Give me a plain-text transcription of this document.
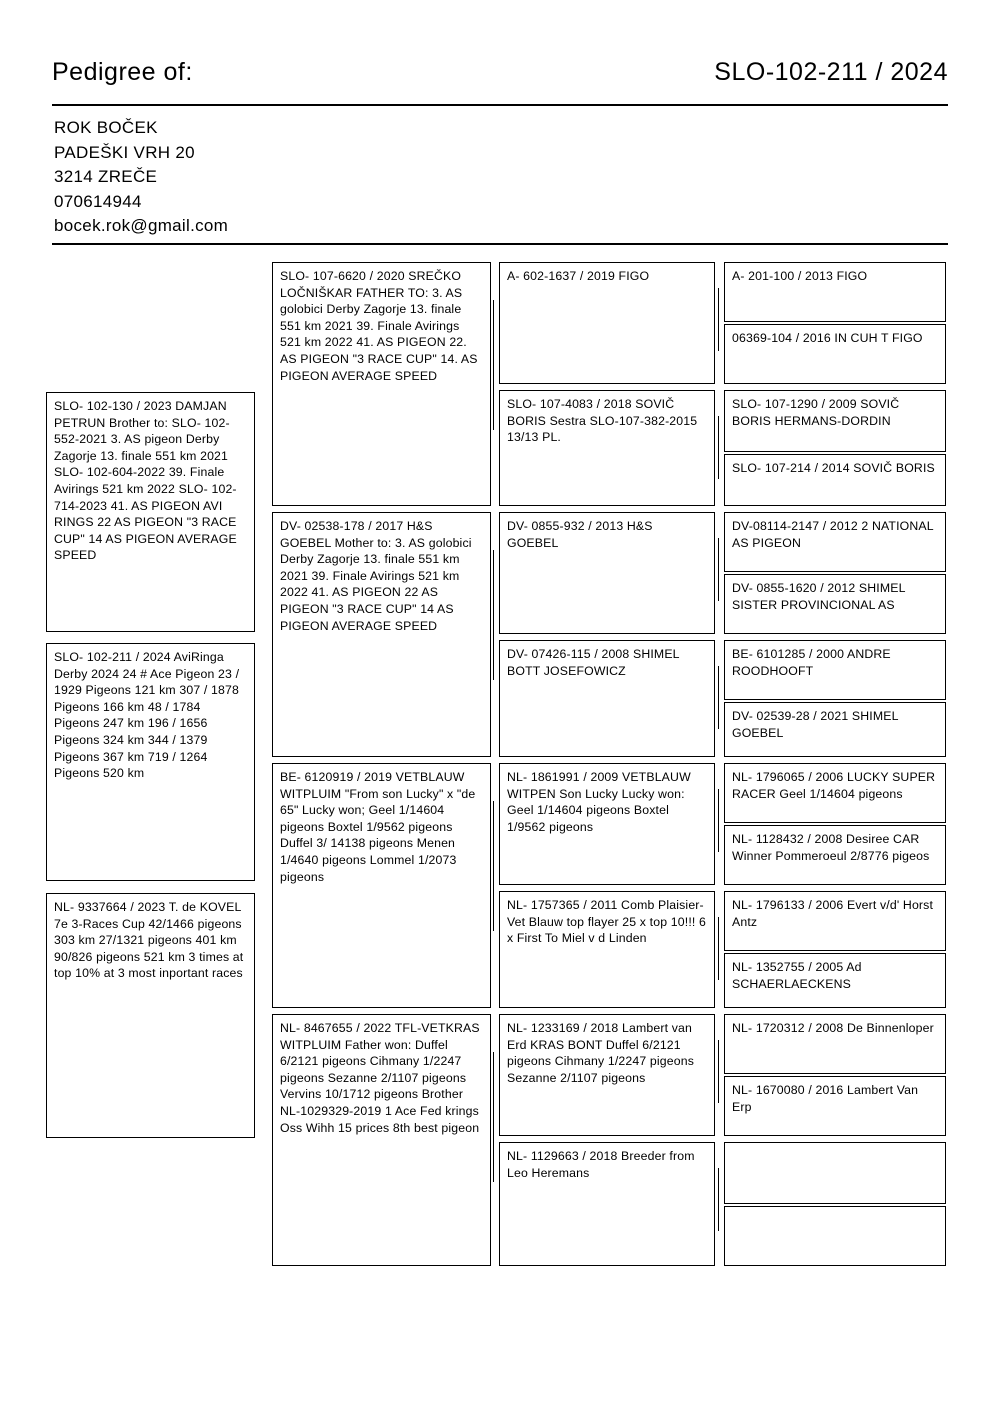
Pedigree of:	SLO-102-211 / 2024
ROK BOČEK
PADEŠKI VRH 20
3214 ZREČE
070614944
bocek.rok@gmail.com
SLO- 102-130 / 2023 DAMJAN PETRUN Brother to: SLO- 102-552-2021 3. AS pigeon Derby Zagorje 13. finale 551 km 2021 SLO- 102-604-2022 39. Finale Avirings 521 km 2022 SLO- 102-714-2023 41. AS PIGEON AVI RINGS 22 AS PIGEON "3 RACE CUP" 14 AS PIGEON AVERAGE SPEED
SLO- 102-211 / 2024 AviRinga Derby 2024 24 # Ace Pigeon 23 / 1929 Pigeons 121 km 307 / 1878 Pigeons 166 km 48 / 1784 Pigeons 247 km 196 / 1656 Pigeons 324 km 344 / 1379 Pigeons 367 km 719 / 1264 Pigeons 520 km
NL- 9337664 / 2023 T. de KOVEL 7e 3-Races Cup 42/1466 pigeons 303 km 27/1321 pigeons 401 km 90/826 pigeons 521 km 3 times at top 10% at 3 most inportant races
SLO- 107-6620 / 2020 SREČKO LOČNIŠKAR FATHER TO: 3. AS golobici Derby Zagorje 13. finale 551 km 2021 39. Finale Avirings 521 km 2022 41. AS PIGEON 22. AS PIGEON "3 RACE CUP" 14. AS PIGEON AVERAGE SPEED
DV- 02538-178 / 2017 H&S GOEBEL Mother to: 3. AS golobici Derby Zagorje 13. finale 551 km 2021 39. Finale Avirings 521 km 2022 41. AS PIGEON 22 AS PIGEON "3 RACE CUP" 14 AS PIGEON AVERAGE SPEED
BE- 6120919 / 2019 VETBLAUW WITPLUIM "From son Lucky" x "de 65" Lucky won; Geel 1/14604 pigeons Boxtel 1/9562 pigeons Duffel 3/ 14138 pigeons Menen 1/4640 pigeons Lommel 1/2073 pigeons
NL- 8467655 / 2022 TFL-VETKRAS WITPLUIM Father won: Duffel 6/2121 pigeons Cihmany 1/2247 pigeons Sezanne 2/1107 pigeons Vervins 10/1712 pigeons Brother NL-1029329-2019 1 Ace Fed krings Oss Wihh 15 prices 8th best pigeon
A- 602-1637 / 2019 FIGO
SLO- 107-4083 / 2018 SOVIČ BORIS Sestra SLO-107-382-2015 13/13 PL.
DV- 0855-932 / 2013 H&S GOEBEL
DV- 07426-115 / 2008 SHIMEL BOTT JOSEFOWICZ
NL- 1861991 / 2009 VETBLAUW WITPEN Son Lucky Lucky won: Geel 1/14604 pigeons Boxtel 1/9562 pigeons
NL- 1757365 / 2011 Comb Plaisier-Vet Blauw top flayer 25 x top 10!!! 6 x First To Miel v d Linden
NL- 1233169 / 2018 Lambert van Erd KRAS BONT Duffel 6/2121 pigeons Cihmany 1/2247 pigeons Sezanne 2/1107 pigeons
NL- 1129663 / 2018 Breeder from Leo Heremans
A- 201-100 / 2013 FIGO
06369-104 / 2016 IN CUH T FIGO
SLO- 107-1290 / 2009 SOVIČ BORIS HERMANS-DORDIN
SLO- 107-214 / 2014 SOVIČ BORIS
DV-08114-2147 / 2012 2 NATIONAL AS PIGEON
DV- 0855-1620 / 2012 SHIMEL SISTER PROVINCIONAL AS
BE- 6101285 / 2000 ANDRE ROODHOOFT
DV- 02539-28 / 2021 SHIMEL GOEBEL
NL- 1796065 / 2006 LUCKY SUPER RACER Geel 1/14604 pigeons
NL- 1128432 / 2008 Desiree CAR Winner Pommeroeul 2/8776 pigeos
NL- 1796133 / 2006 Evert v/d' Horst Antz
NL- 1352755 / 2005 Ad SCHAERLAECKENS
NL- 1720312 / 2008 De Binnenloper
NL- 1670080 / 2016 Lambert Van Erp
